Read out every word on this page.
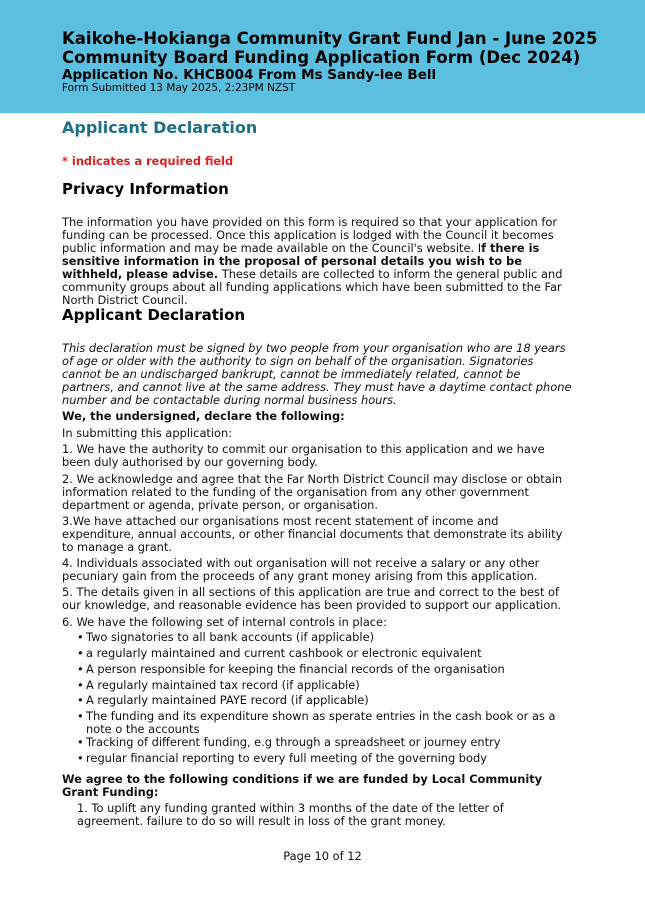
Kaikohe-Hokianga Community Grant Fund Jan - June 2025
Community Board Funding Application Form (Dec 2024)
Application No. KHCB004 From Ms Sandy-lee Bell
Form Submitted 13 May 2025, 2:23PM NZST
Applicant Declaration
* indicates a required field
Privacy Information
The information you have provided on this form is required so that your application for funding can be processed. Once this application is lodged with the Council it becomes public information and may be made available on the Council's website. If there is sensitive information in the proposal of personal details you wish to be withheld, please advise. These details are collected to inform the general public and community groups about all funding applications which have been submitted to the Far North District Council.
Applicant Declaration
This declaration must be signed by two people from your organisation who are 18 years of age or older with the authority to sign on behalf of the organisation. Signatories cannot be an undischarged bankrupt, cannot be immediately related, cannot be partners, and cannot live at the same address. They must have a daytime contact phone number and be contactable during normal business hours.
We, the undersigned, declare the following:
In submitting this application:
1. We have the authority to commit our organisation to this application and we have been duly authorised by our governing body.
2. We acknowledge and agree that the Far North District Council may disclose or obtain information related to the funding of the organisation from any other government department or agenda, private person, or organisation.
3.We have attached our organisations most recent statement of income and expenditure, annual accounts, or other financial documents that demonstrate its ability to manage a grant.
4. Individuals associated with out organisation will not receive a salary or any other pecuniary gain from the proceeds of any grant money arising from this application.
5. The details given in all sections of this application are true and correct to the best of our knowledge, and reasonable evidence has been provided to support our application.
6. We have the following set of internal controls in place:
• Two signatories to all bank accounts (if applicable)
• a regularly maintained and current cashbook or electronic equivalent
• A person responsible for keeping the financial records of the organisation
• A regularly maintained tax record (if applicable)
• A regularly maintained PAYE record (if applicable)
• The funding and its expenditure shown as sperate entries in the cash book or as a note o the accounts
• Tracking of different funding, e.g through a spreadsheet or journey entry
• regular financial reporting to every full meeting of the governing body
We agree to the following conditions if we are funded by Local Community Grant Funding:
1. To uplift any funding granted within 3 months of the date of the letter of agreement. failure to do so will result in loss of the grant money.
Page 10 of 12
